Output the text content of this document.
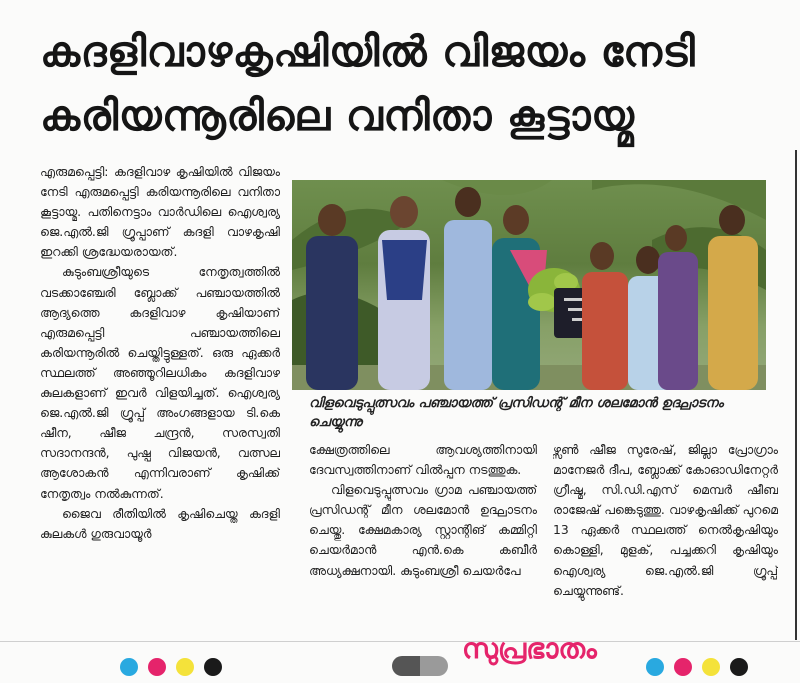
കദളിവാഴകൃഷിയിൽ വിജയം നേടി
കരിയന്നൂരിലെ വനിതാ കൂട്ടായ്മ

എരുമപ്പെട്ടി: കദളിവാഴ കൃഷിയിൽ വിജയം നേടി എരുമപ്പെട്ടി കരിയന്നൂരിലെ വനിതാ കൂട്ടായ്മ. പതിനെട്ടാം വാർഡിലെ ഐശ്വര്യ ജെ.എൽ.ജി ഗ്രൂപ്പാണ് കദളി വാഴകൃഷി ഇറക്കി ശ്രദ്ധേയരായത്.

കുടുംബശ്രീയുടെ നേതൃത്വത്തിൽ വടക്കാഞ്ചേരി ബ്ലോക്ക് പഞ്ചായത്തിൽ ആദ്യത്തെ കദളിവാഴ കൃഷിയാണ് എരുമപ്പെട്ടി പഞ്ചായത്തിലെ കരിയന്നൂരിൽ ചെയ്തിട്ടുള്ളത്. ഒരു ഏക്കർ സ്ഥലത്ത് അഞ്ഞൂറിലധികം കദളിവാഴ കുലകളാണ് ഇവർ വിളയിച്ചത്. ഐശ്വര്യ ജെ.എൽ.ജി ഗ്രൂപ്പ് അംഗങ്ങളായ ടി.കെ ഷീന, ഷീജ ചന്ദ്രൻ, സരസ്വതി സദാനന്ദൻ, പുഷ്പ വിജയൻ, വത്സല ആശോകൻ എന്നിവരാണ് കൃഷിക്ക് നേതൃത്വം നൽകുന്നത്.

ജൈവ രീതിയിൽ കൃഷിചെയ്ത കദളി കുലകൾ ഗുരുവായൂർ

വിളവെടുപ്പുത്സവം പഞ്ചായത്ത് പ്രസിഡന്റ് മീന ശലമോൻ ഉദ്ഘാടനം ചെയ്യുന്നു

ക്ഷേത്രത്തിലെ ആവശ്യത്തിനായി ദേവസ്വത്തിനാണ് വിൽപ്പന നടത്തുക.

വിളവെടുപ്പുത്സവം ഗ്രാമ പഞ്ചായത്ത് പ്രസിഡന്റ് മീന ശലമോൻ ഉദ്ഘാടനം ചെയ്തു. ക്ഷേമകാര്യ സ്റ്റാന്റിങ് കമ്മിറ്റി ചെയർമാൻ എൻ.കെ കബീർ അധ്യക്ഷനായി. കുടുംബശ്രീ ചെയർപേ

ഴ്സൺ ഷീജ സുരേഷ്, ജില്ലാ പ്രോഗ്രാം മാനേജർ ദീപ, ബ്ലോക്ക് കോഓഡിനേറ്റർ ഗ്രീഷ്മ, സി.ഡി.എസ് മെമ്പർ ഷീബ രാജേഷ് പങ്കെടുത്തു. വാഴകൃഷിക്ക് പുറമെ 13 ഏക്കർ സ്ഥലത്ത് നെൽകൃഷിയും കൊള്ളി, മുളക്, പച്ചക്കറി കൃഷിയും ഐശ്വര്യ ജെ.എൽ.ജി ഗ്രൂപ്പ് ചെയ്യുന്നുണ്ട്.

സുപ്രഭാതം
